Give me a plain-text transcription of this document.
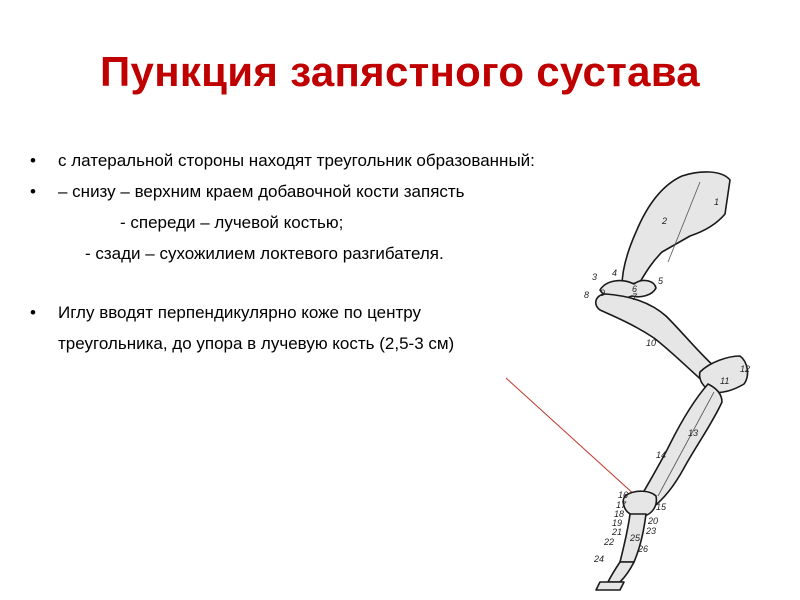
Пункция запястного сустава
• с латеральной стороны находят треугольник образованный:
• – снизу – верхним краем добавочной кости запясть
- спереди – лучевой костью;
- сзади – сухожилием локтевого разгибателя.
• Иглу вводят перпендикулярно коже по центру
треугольника, до упора в лучевую кость (2,5-3 см)
1
2
3 4
5
6
7
8 9
10
11
12
13
14
15
16
17
18
19	20
21
22
23
24
25
26
